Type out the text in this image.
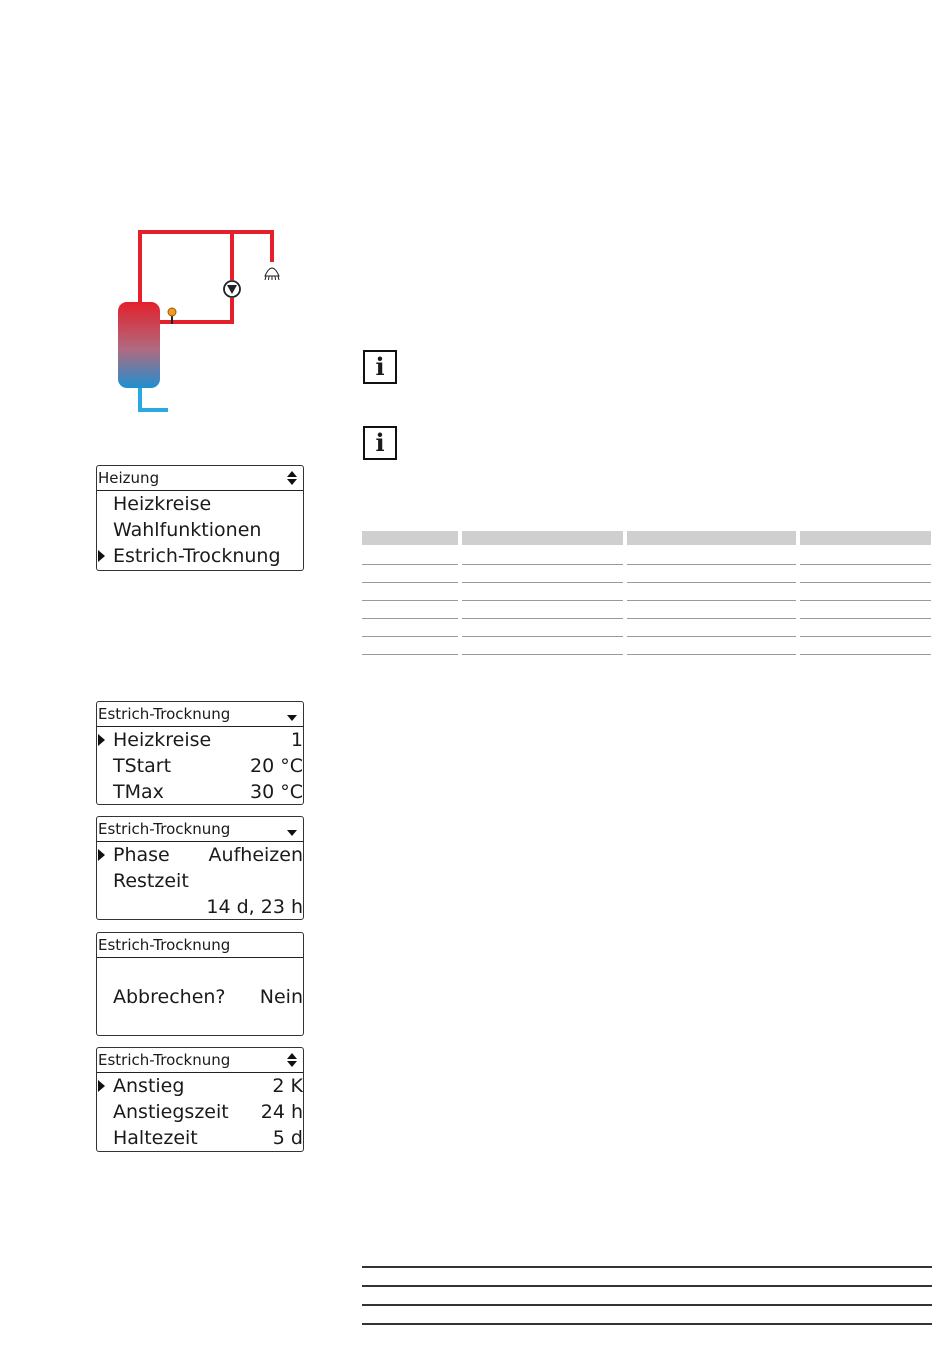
Heizung
Heizkreise
Wahlfunktionen
Estrich-Trocknung
i
i
Estrich-Trocknung
Heizkreise	1
TStart	20 °C
TMax	30 °C
Estrich-Trocknung
Phase Aufheizen
Restzeit
14 d, 23 h
Estrich-Trocknung
Abbrechen? Nein
Estrich-Trocknung
Anstieg	2 K
Anstiegszeit 24 h
Haltezeit	5 d
